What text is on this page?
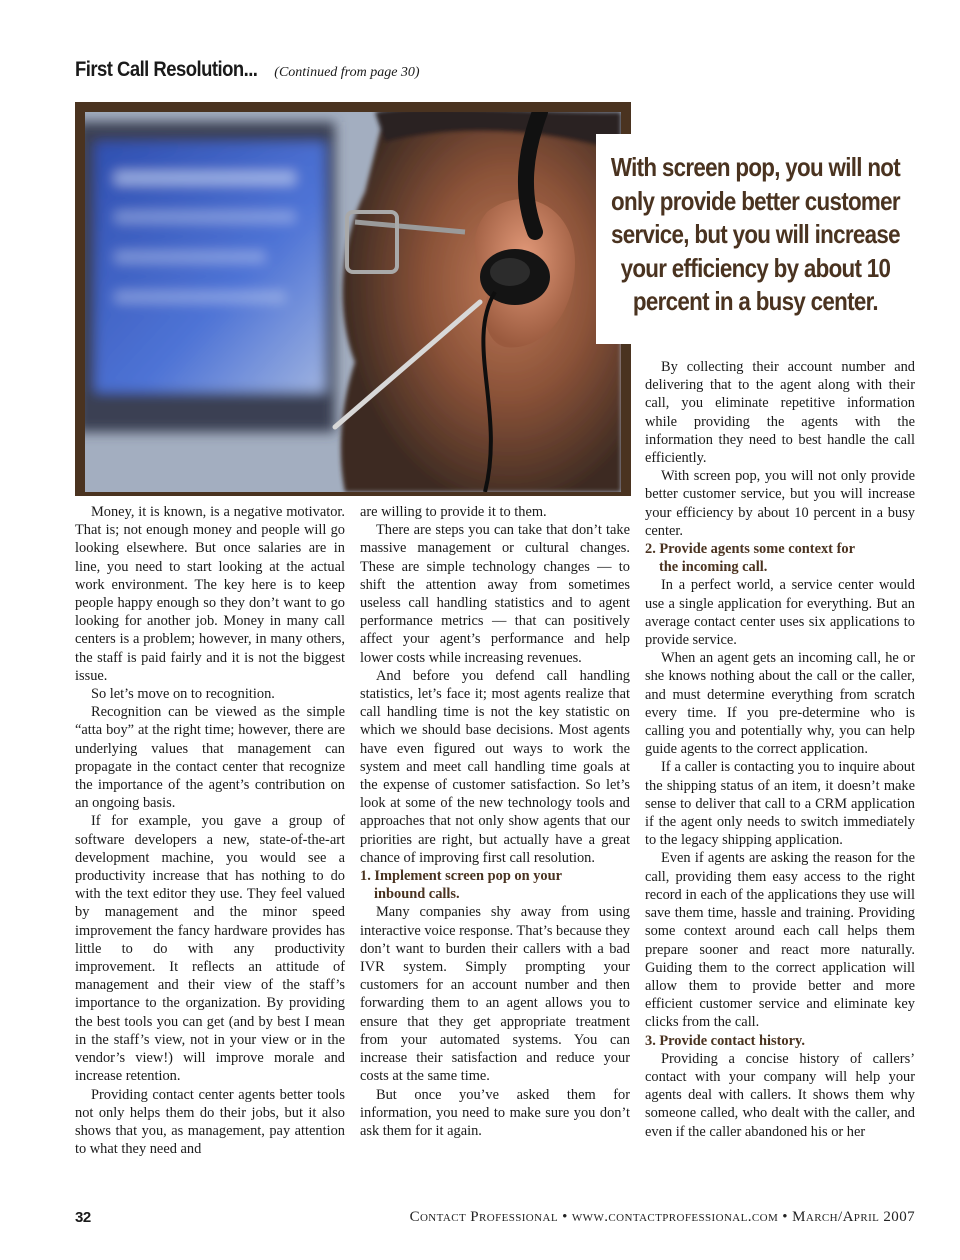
First Call Resolution... (Continued from page 30)
With screen pop, you will not only provide better customer service, but you will increase your efficiency by about 10 percent in a busy center.

Money, it is known, is a negative motivator. That is; not enough money and people will go looking elsewhere. But once salaries are in line, you need to start looking at the actual work environment. The key here is to keep people happy enough so they don’t want to go looking for another job. Money in many call centers is a problem; however, in many others, the staff is paid fairly and it is not the biggest issue.

So let’s move on to recognition.

Recognition can be viewed as the simple “atta boy” at the right time; however, there are underlying values that management can propagate in the contact center that recognize the importance of the agent’s contribution on an ongoing basis.

If for example, you gave a group of software developers a new, state-of-the-art development machine, you would see a productivity increase that has nothing to do with the text editor they use. They feel valued by management and the minor speed improvement the fancy hardware provides has little to do with any productivity improvement. It reflects an attitude of management and their view of the staff’s importance to the organization. By providing the best tools you can get (and by best I mean in the staff’s view, not in your view or in the vendor’s view!) will improve morale and increase retention.

Providing contact center agents better tools not only helps them do their jobs, but it also shows that you, as management, pay attention to what they need and

are willing to provide it to them.

There are steps you can take that don’t take massive management or cultural changes. These are simple technology changes — to shift the attention away from sometimes useless call handling statistics and to agent performance metrics — that can positively affect your agent’s performance and help lower costs while increasing revenues.

And before you defend call handling statistics, let’s face it; most agents realize that call handling time is not the key statistic on which we should base decisions. Most agents have even figured out ways to work the system and meet call handling time goals at the expense of customer satisfaction. So let’s look at some of the new technology tools and approaches that not only show agents that our priorities are right, but actually have a great chance of improving first call resolution.

1. Implement screen pop on your
inbound calls.

Many companies shy away from using interactive voice response. That’s because they don’t want to burden their callers with a bad IVR system. Simply prompting your customers for an account number and then forwarding them to an agent allows you to ensure that they get appropriate treatment from your automated systems. You can increase their satisfaction and reduce your costs at the same time.

But once you’ve asked them for information, you need to make sure you don’t ask them for it again.

By collecting their account number and delivering that to the agent along with their call, you eliminate repetitive information while providing the agents with the information they need to best handle the call efficiently.

With screen pop, you will not only provide better customer service, but you will increase your efficiency by about 10 percent in a busy center.

2. Provide agents some context for
the incoming call.

In a perfect world, a service center would use a single application for everything. But an average contact center uses six applications to provide service.

When an agent gets an incoming call, he or she knows nothing about the call or the caller, and must determine everything from scratch every time. If you pre-determine who is calling you and potentially why, you can help guide agents to the correct application.

If a caller is contacting you to inquire about the shipping status of an item, it doesn’t make sense to deliver that call to a CRM application if the agent only needs to switch immediately to the legacy shipping application.

Even if agents are asking the reason for the call, providing them easy access to the right record in each of the applications they use will save them time, hassle and training. Providing some context around each call helps them prepare sooner and react more naturally. Guiding them to the correct application will allow them to provide better and more efficient customer service and eliminate key clicks from the call.

3. Provide contact history.

Providing a concise history of callers’ contact with your company will help your agents deal with callers. It shows them why someone called, who dealt with the caller, and even if the caller abandoned his or her

32	Contact Professional • www.contactprofessional.com • March/April 2007
